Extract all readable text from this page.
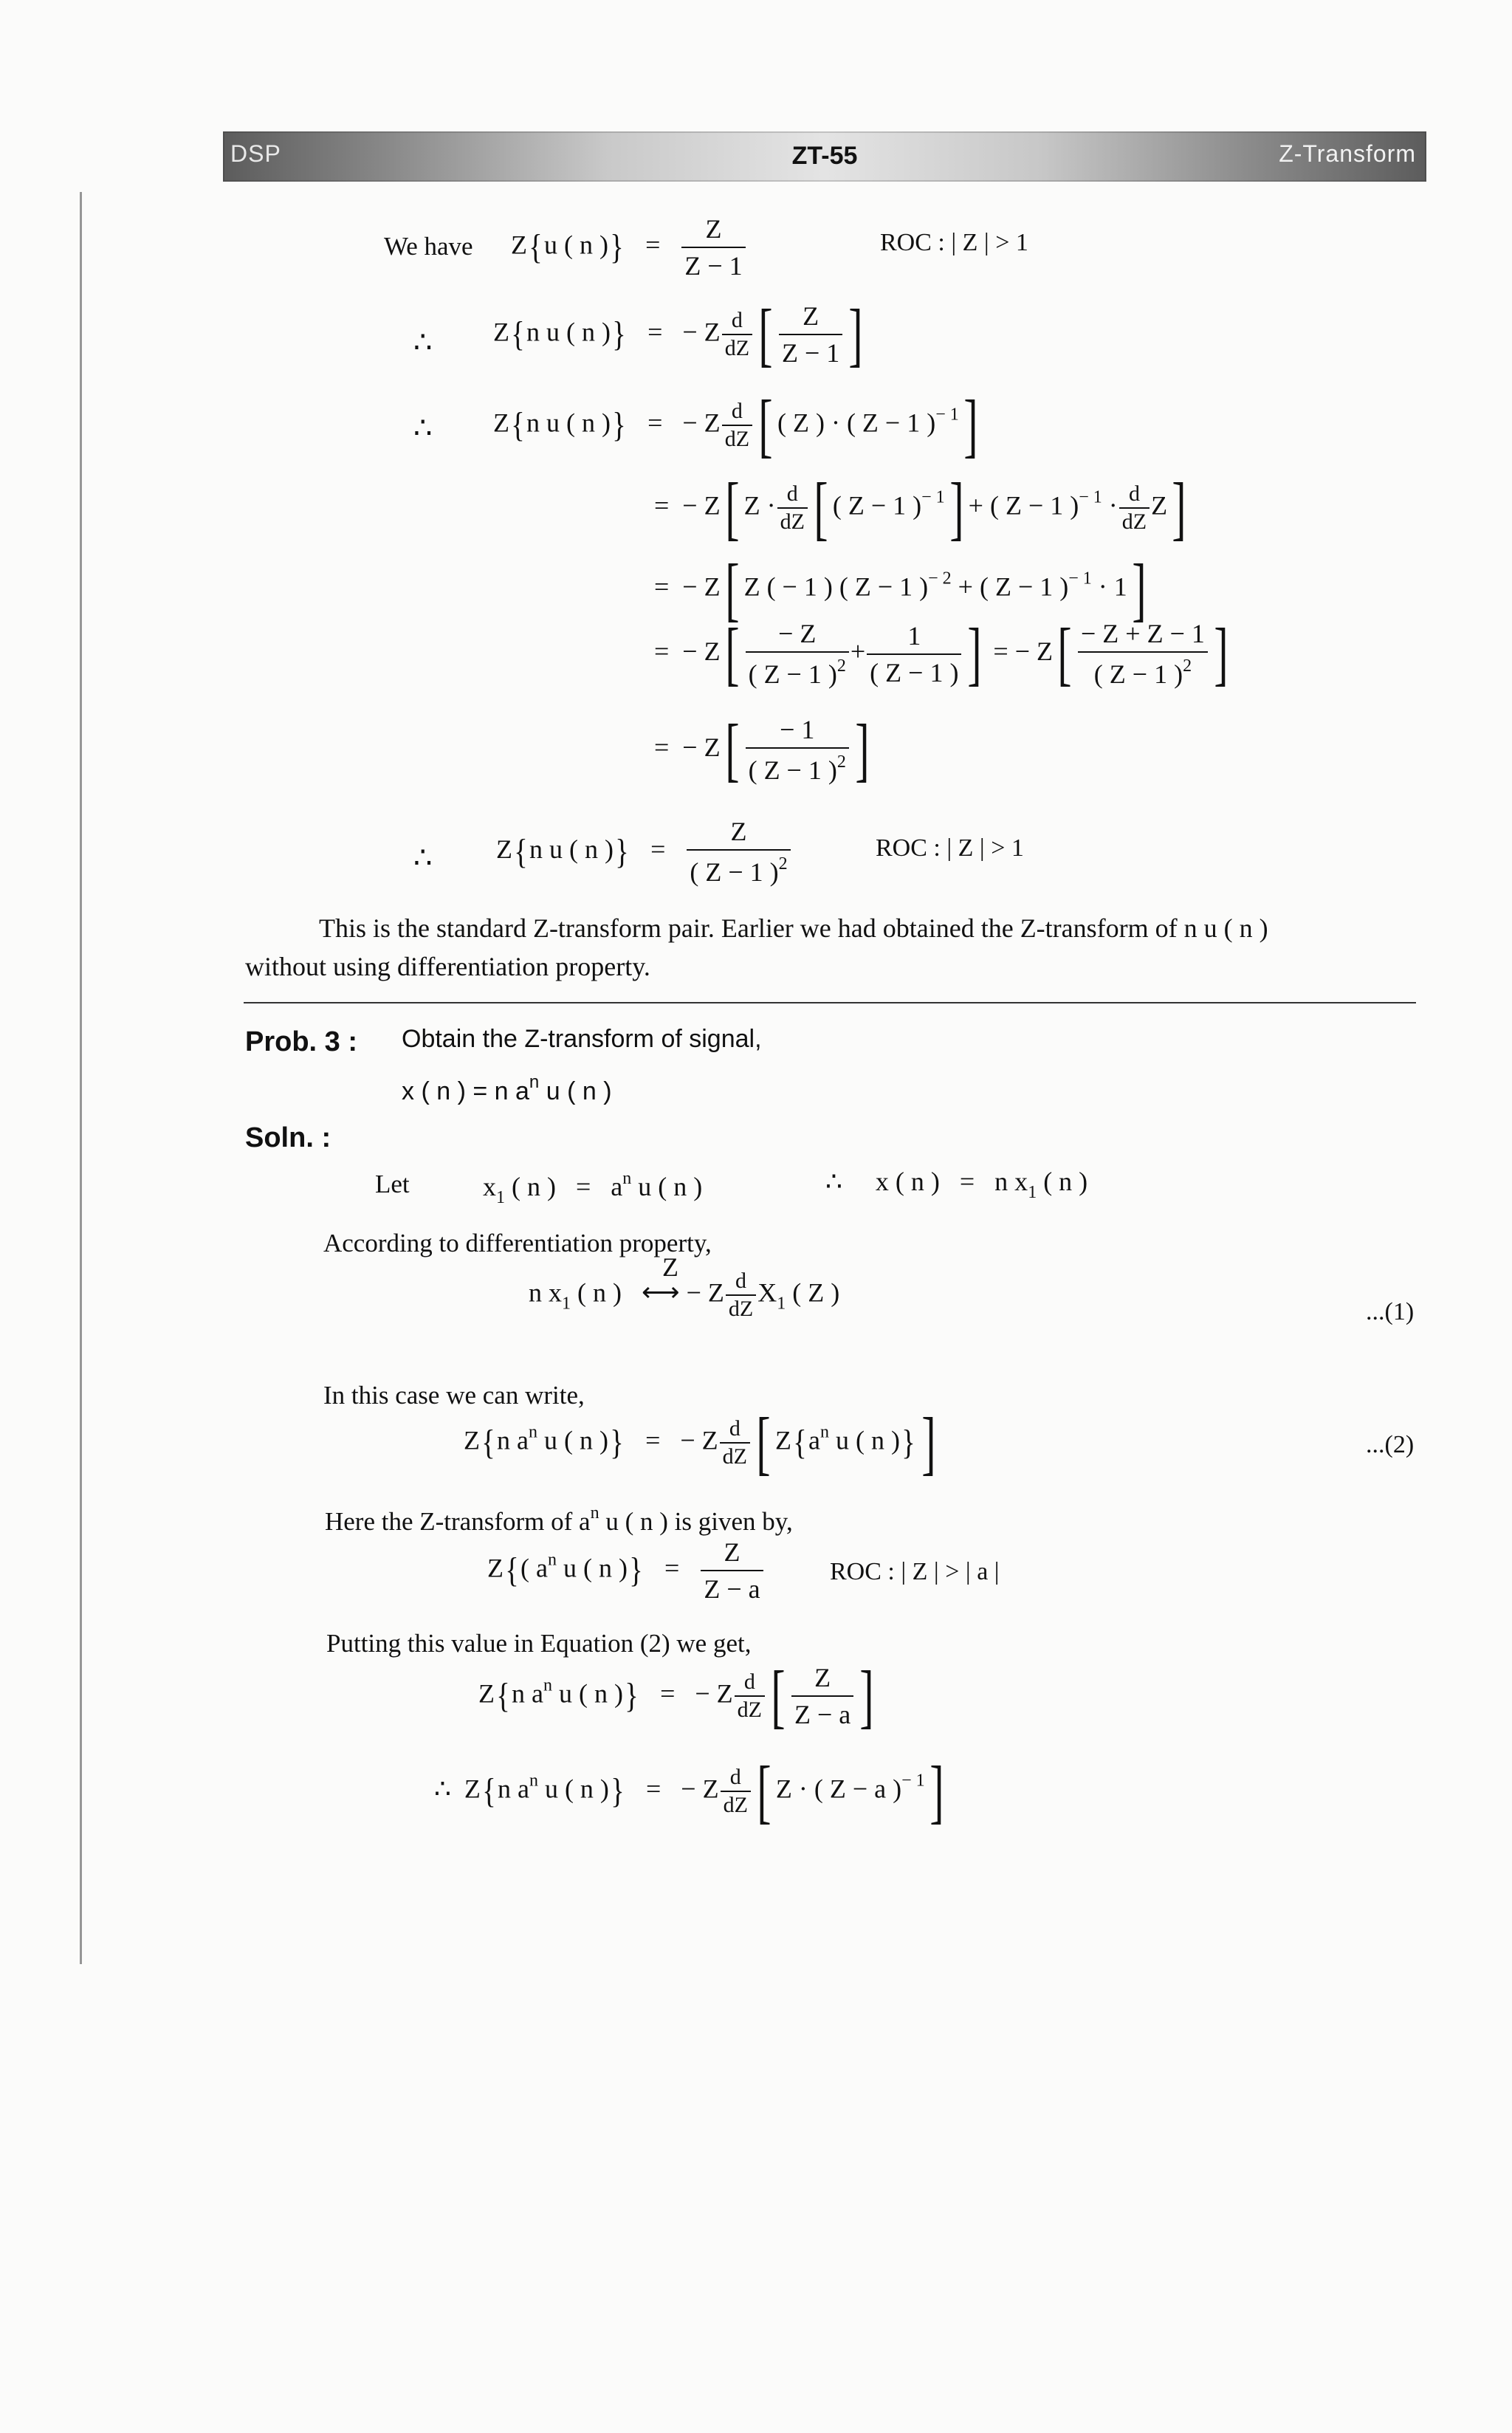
DSP	ZT-55	Z-Transform
We have Z{u ( n )}   = $\frac{Z}{Z - 1}$	ROC : | Z | > 1
∴ Z{n u ( n )}   =   − Z $\frac{d}{dZ}$ [ $\frac{Z}{Z - 1}$ ]
∴ Z{n u ( n )}   =   − Z $\frac{d}{dZ}$ [ ( Z ) · ( Z − 1 )$^{- 1}$]
=  − Z[ $Z \cdot \frac{d}{dZ}$ [ ( Z − 1 )$^{- 1}$] + ( Z − 1 )$^{- 1} \cdot \frac{d}{dZ} Z$]
=  − Z[ Z ( − 1 ) ( Z − 1 )$^{- 2}$ + ( Z − 1 )$^{- 1}$ · 1]
=  − $Z[ \frac{- Z}{( Z - 1 )^2} + \frac{1}{( Z - 1 )}$ ] = − $Z[ \frac{- Z + Z - 1}{( Z - 1 )^2}$ ]
=  − $Z[ \frac{- 1}{( Z - 1 )^2}$ ]
∴ Z{n u ( n )}   = $\frac{Z}{( Z - 1 )^2}$	ROC : | Z | > 1
This is the standard Z-transform pair. Earlier we had obtained the Z-transform of n u ( n )
without using differentiation property.
Prob. 3 : Obtain the Z-transform of signal,
x ( n ) = n $a^n$ u ( n )
Soln. :
Let	$x_1$ ( n )   =   $a^n$ u ( n )	∴     x ( n )   =   n $x_1$ ( n )
According to differentiation property,
n $x_1$ ( n )
Z
⟷ − Z $\frac{d}{dZ} X_1$ ( Z )
...(1)
In this case we can write,
Z{n $a^n$ u ( n )}   =   − Z $\frac{d}{dZ}$ [ $Z\{a^n$ u ( n )}]	...(2)
Here the Z-transform of $a^n$ u ( n ) is given by,
Z{( $a^n$ u ( n )}   = $\frac{Z}{Z - a}$	ROC : | Z | > | a |
Putting this value in Equation (2) we get,
Z{n $a^n$ u ( n )}   =   − Z $\frac{d}{dZ}$ [ $\frac{Z}{Z - a}$ ]
∴  Z{n $a^n$ u ( n )}   =   − Z $\frac{d}{dZ}$ [ Z · ( Z − a )$^{- 1}$]
